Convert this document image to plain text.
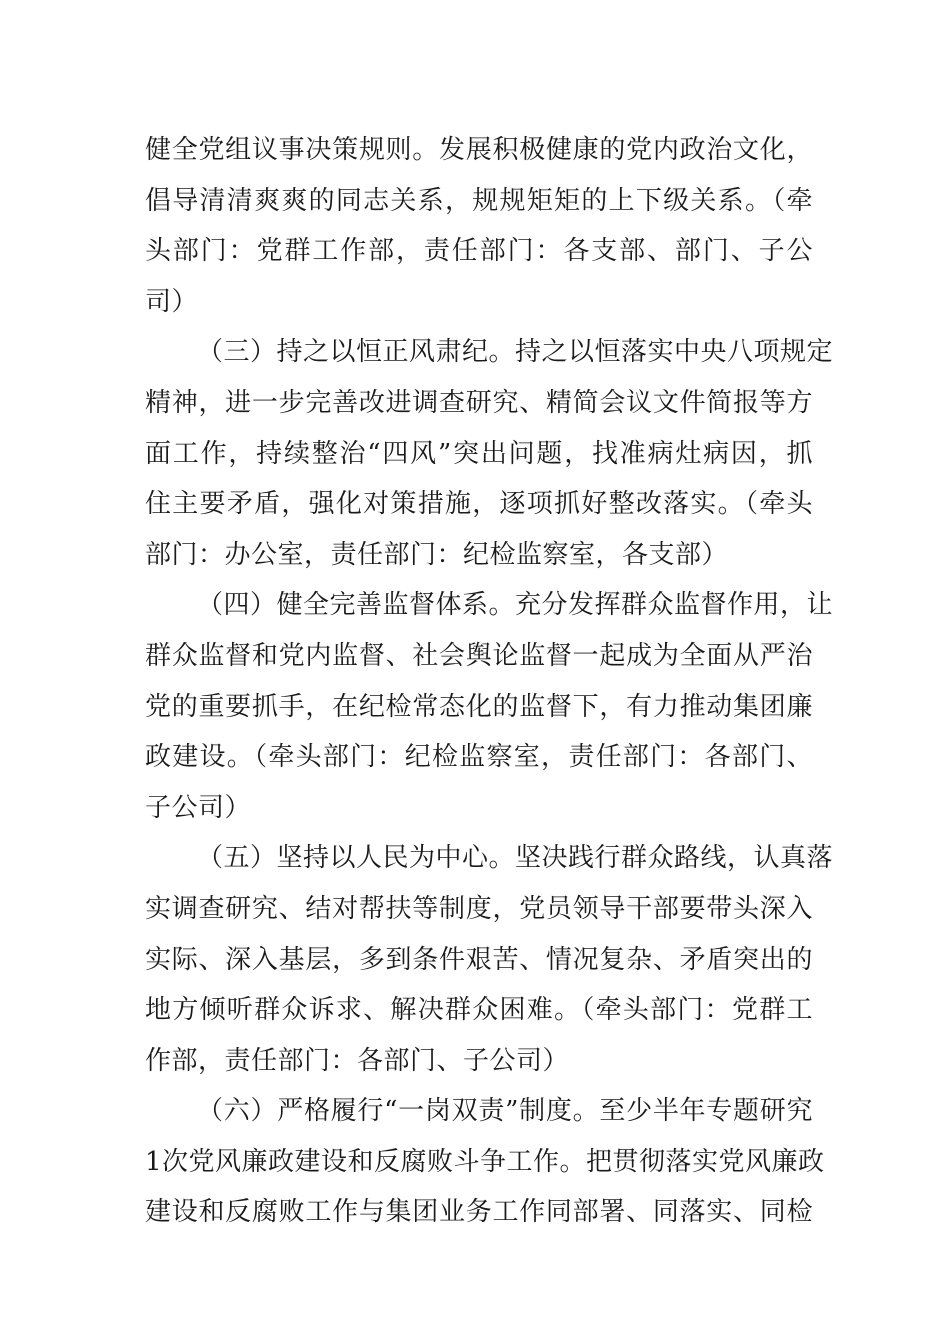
健全党组议事决策规则。发展积极健康的党内政治文化，
倡导清清爽爽的同志关系，规规矩矩的上下级关系。（牵
头部门：党群工作部，责任部门：各支部、部门、子公
司）
（三）持之以恒正风肃纪。持之以恒落实中央八项规定
精神，进一步完善改进调查研究、精简会议文件简报等方
面工作，持续整治“四风”突出问题，找准病灶病因，抓
住主要矛盾，强化对策措施，逐项抓好整改落实。（牵头
部门：办公室，责任部门：纪检监察室，各支部）
（四）健全完善监督体系。充分发挥群众监督作用，让
群众监督和党内监督、社会舆论监督一起成为全面从严治
党的重要抓手，在纪检常态化的监督下，有力推动集团廉
政建设。（牵头部门：纪检监察室，责任部门：各部门、
子公司）
（五）坚持以人民为中心。坚决践行群众路线，认真落
实调查研究、结对帮扶等制度，党员领导干部要带头深入
实际、深入基层，多到条件艰苦、情况复杂、矛盾突出的
地方倾听群众诉求、解决群众困难。（牵头部门：党群工
作部，责任部门：各部门、子公司）
（六）严格履行“一岗双责”制度。至少半年专题研究
1次党风廉政建设和反腐败斗争工作。把贯彻落实党风廉政
建设和反腐败工作与集团业务工作同部署、同落实、同检
